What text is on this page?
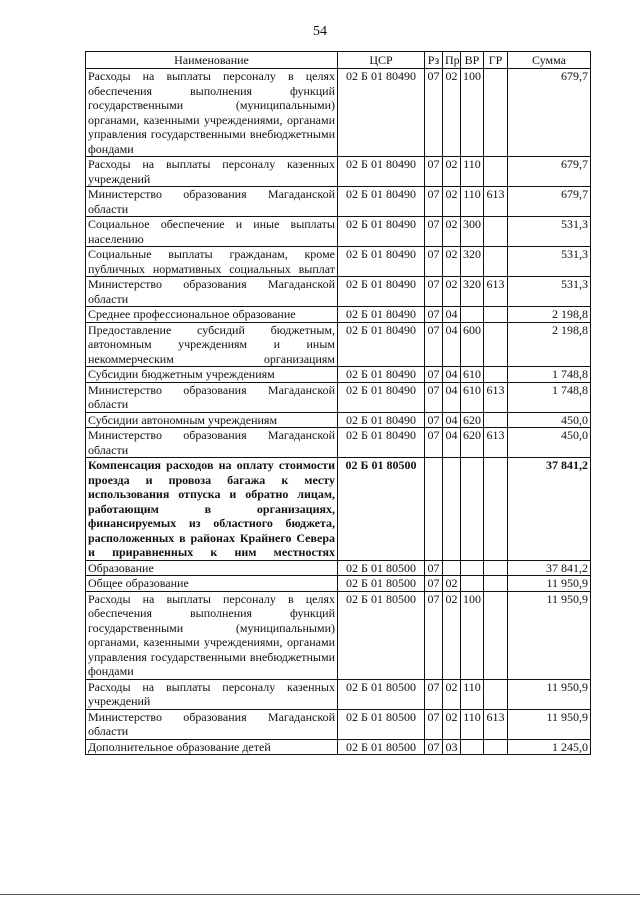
54
Наименование	ЦСР	Рз	Пр	ВР	ГР	Сумма
Расходы на выплаты персоналу в целях обеспечения выполнения функций государственными (муниципальными) органами, казенными учреждениями, органами управления государственными внебюджетными фондами	02 Б 01 80490	07	02	100		679,7
Расходы на выплаты персоналу казенных учреждений	02 Б 01 80490	07	02	110		679,7
Министерство образования Магаданской области	02 Б 01 80490	07	02	110	613	679,7
Социальное обеспечение и иные выплаты населению	02 Б 01 80490	07	02	300		531,3
Социальные выплаты гражданам, кроме публичных нормативных социальных выплат	02 Б 01 80490	07	02	320		531,3
Министерство образования Магаданской области	02 Б 01 80490	07	02	320	613	531,3
Среднее профессиональное образование	02 Б 01 80490	07	04			2 198,8
Предоставление субсидий бюджетным, автономным учреждениям и иным некоммерческим организациям	02 Б 01 80490	07	04	600		2 198,8
Субсидии бюджетным учреждениям	02 Б 01 80490	07	04	610		1 748,8
Министерство образования Магаданской области	02 Б 01 80490	07	04	610	613	1 748,8
Субсидии автономным учреждениям	02 Б 01 80490	07	04	620		450,0
Министерство образования Магаданской области	02 Б 01 80490	07	04	620	613	450,0
Компенсация расходов на оплату стоимости проезда и провоза багажа к месту использования отпуска и обратно лицам, работающим в организациях, финансируемых из областного бюджета, расположенных в районах Крайнего Севера и приравненных к ним местностях	02 Б 01 80500					37 841,2
Образование	02 Б 01 80500	07				37 841,2
Общее образование	02 Б 01 80500	07	02			11 950,9
Расходы на выплаты персоналу в целях обеспечения выполнения функций государственными (муниципальными) органами, казенными учреждениями, органами управления государственными внебюджетными фондами	02 Б 01 80500	07	02	100		11 950,9
Расходы на выплаты персоналу казенных учреждений	02 Б 01 80500	07	02	110		11 950,9
Министерство образования Магаданской области	02 Б 01 80500	07	02	110	613	11 950,9
Дополнительное образование детей	02 Б 01 80500	07	03			1 245,0
